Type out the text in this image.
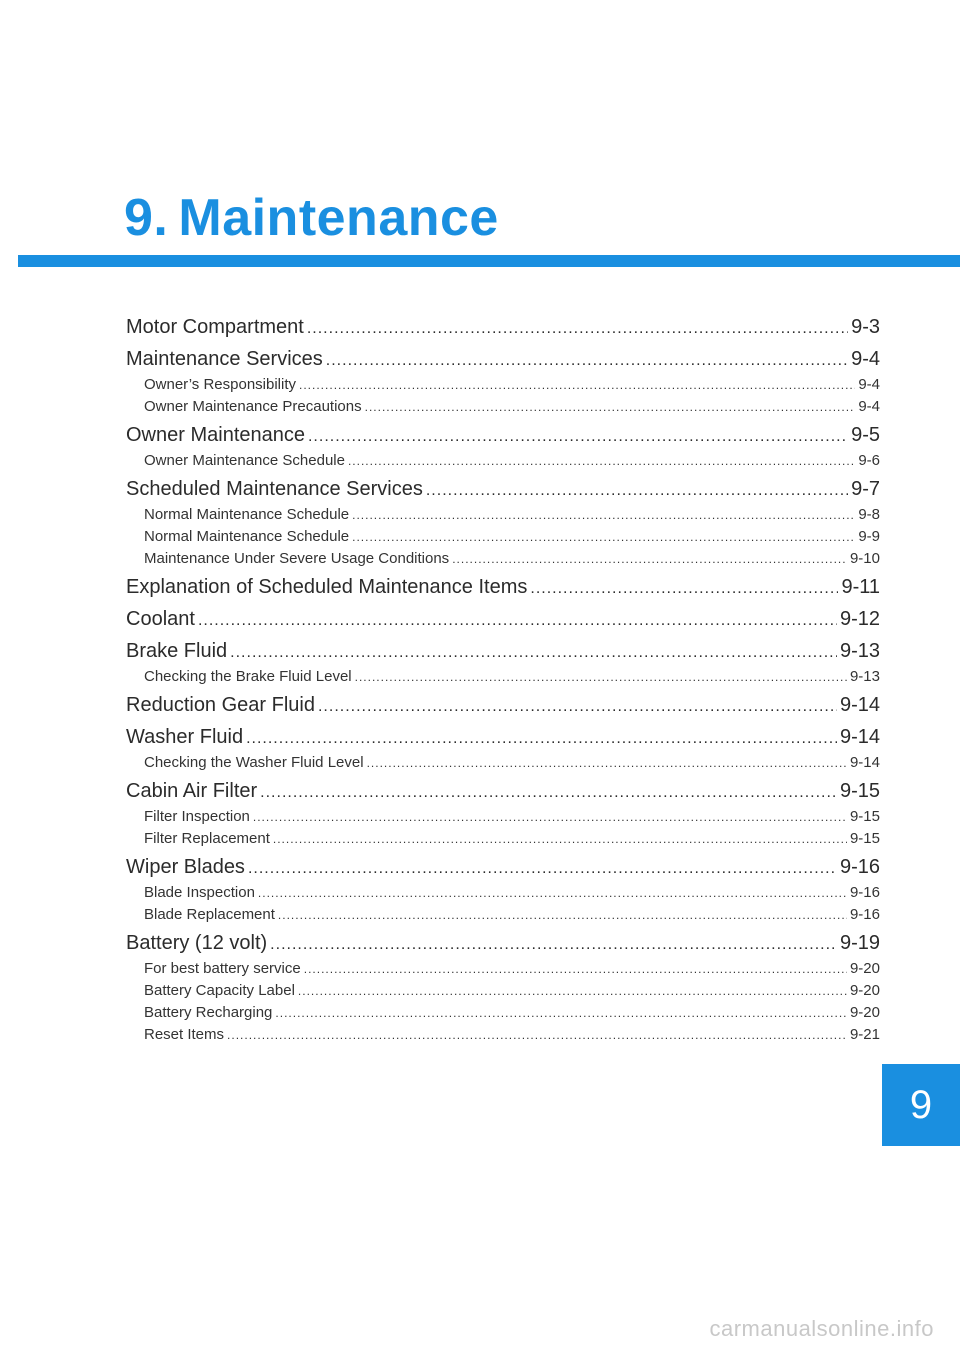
9. Maintenance
Motor Compartment .....	9-3
Maintenance Services .....	9-4
Owner’s Responsibility .....	9-4
Owner Maintenance Precautions .....	9-4
Owner Maintenance .....	9-5
Owner Maintenance Schedule .....	9-6
Scheduled Maintenance Services .....	9-7
Normal Maintenance Schedule .....	9-8
Normal Maintenance Schedule .....	9-9
Maintenance Under Severe Usage Conditions .....	9-10
Explanation of Scheduled Maintenance Items .....	9-11
Coolant .....	9-12
Brake Fluid .....	9-13
Checking the Brake Fluid Level .....	9-13
Reduction Gear Fluid .....	9-14
Washer Fluid .....	9-14
Checking the Washer Fluid Level .....	9-14
Cabin Air Filter .....	9-15
Filter Inspection .....	9-15
Filter Replacement .....	9-15
Wiper Blades .....	9-16
Blade Inspection .....	9-16
Blade Replacement .....	9-16
Battery (12 volt) .....	9-19
For best battery service .....	9-20
Battery Capacity Label .....	9-20
Battery Recharging .....	9-20
Reset Items .....	9-21
9
carmanualsonline.info
